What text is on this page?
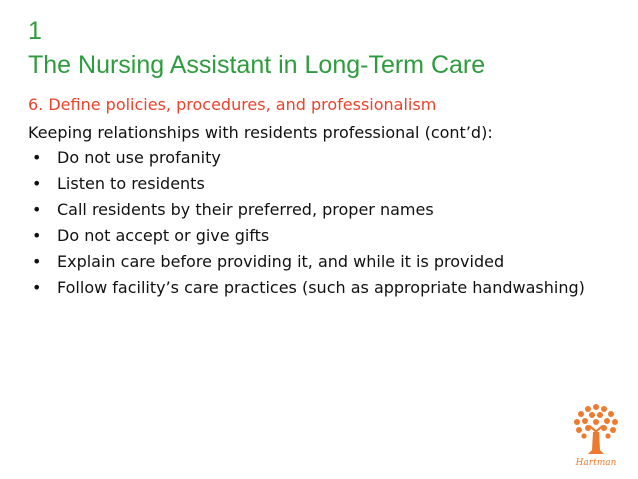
1
The Nursing Assistant in Long-Term Care
6. Define policies, procedures, and professionalism
Keeping relationships with residents professional (cont’d):
• Do not use profanity
• Listen to residents
• Call residents by their preferred, proper names
• Do not accept or give gifts
• Explain care before providing it, and while it is provided
• Follow facility’s care practices (such as appropriate handwashing)
Hartman
